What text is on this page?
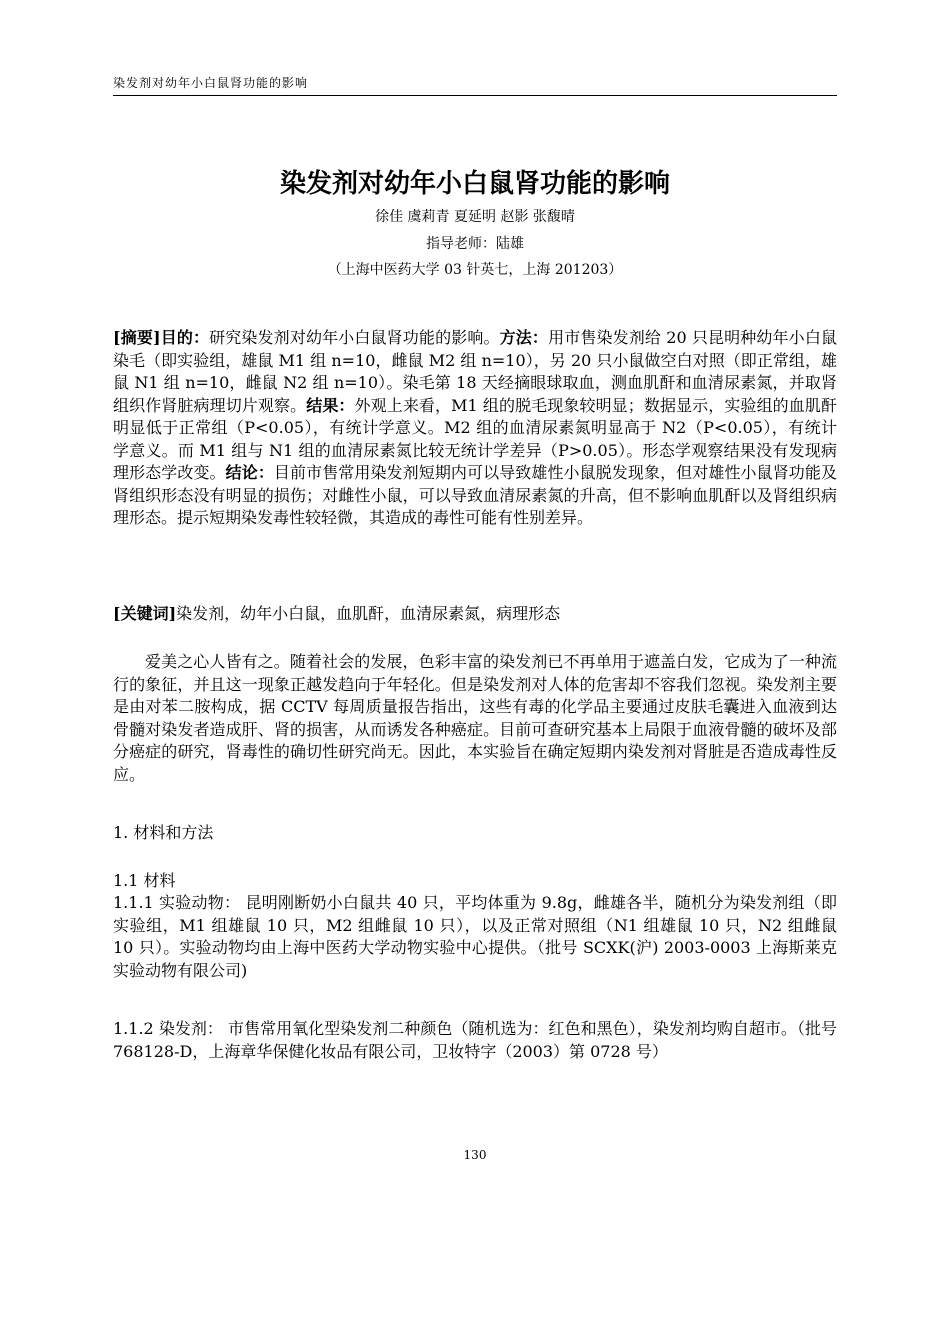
染发剂对幼年小白鼠肾功能的影响
染发剂对幼年小白鼠肾功能的影响
徐佳 虞莉青 夏延明 赵影 张馥晴
指导老师：陆雄
（上海中医药大学 03 针英七，上海 201203）
[摘要]目的：研究染发剂对幼年小白鼠肾功能的影响。方法：用市售染发剂给 20 只昆明种幼年小白鼠染毛（即实验组，雄鼠 M1 组 n=10，雌鼠 M2 组 n=10），另 20 只小鼠做空白对照（即正常组，雄鼠 N1 组 n=10，雌鼠 N2 组 n=10）。染毛第 18 天经摘眼球取血，测血肌酐和血清尿素氮，并取肾组织作肾脏病理切片观察。结果：外观上来看，M1 组的脱毛现象较明显；数据显示，实验组的血肌酐明显低于正常组（P<0.05），有统计学意义。M2 组的血清尿素氮明显高于 N2（P<0.05），有统计学意义。而 M1 组与 N1 组的血清尿素氮比较无统计学差异（P>0.05）。形态学观察结果没有发现病理形态学改变。结论：目前市售常用染发剂短期内可以导致雄性小鼠脱发现象，但对雄性小鼠肾功能及肾组织形态没有明显的损伤；对雌性小鼠，可以导致血清尿素氮的升高，但不影响血肌酐以及肾组织病理形态。提示短期染发毒性较轻微，其造成的毒性可能有性别差异。
[关键词]染发剂，幼年小白鼠，血肌酐，血清尿素氮，病理形态
爱美之心人皆有之。随着社会的发展，色彩丰富的染发剂已不再单用于遮盖白发，它成为了一种流行的象征，并且这一现象正越发趋向于年轻化。但是染发剂对人体的危害却不容我们忽视。染发剂主要是由对苯二胺构成，据 CCTV 每周质量报告指出，这些有毒的化学品主要通过皮肤毛囊进入血液到达骨髓对染发者造成肝、肾的损害，从而诱发各种癌症。目前可查研究基本上局限于血液骨髓的破坏及部分癌症的研究，肾毒性的确切性研究尚无。因此，本实验旨在确定短期内染发剂对肾脏是否造成毒性反应。
1. 材料和方法
1.1 材料
1.1.1 实验动物： 昆明刚断奶小白鼠共 40 只，平均体重为 9.8g，雌雄各半，随机分为染发剂组（即实验组，M1 组雄鼠 10 只，M2 组雌鼠 10 只），以及正常对照组（N1 组雄鼠 10 只，N2 组雌鼠 10 只）。实验动物均由上海中医药大学动物实验中心提供。（批号 SCXK(沪) 2003-0003 上海斯莱克实验动物有限公司)
1.1.2 染发剂： 市售常用氧化型染发剂二种颜色（随机选为：红色和黑色），染发剂均购自超市。（批号 768128-D，上海章华保健化妆品有限公司，卫妆特字（2003）第 0728 号）
130
